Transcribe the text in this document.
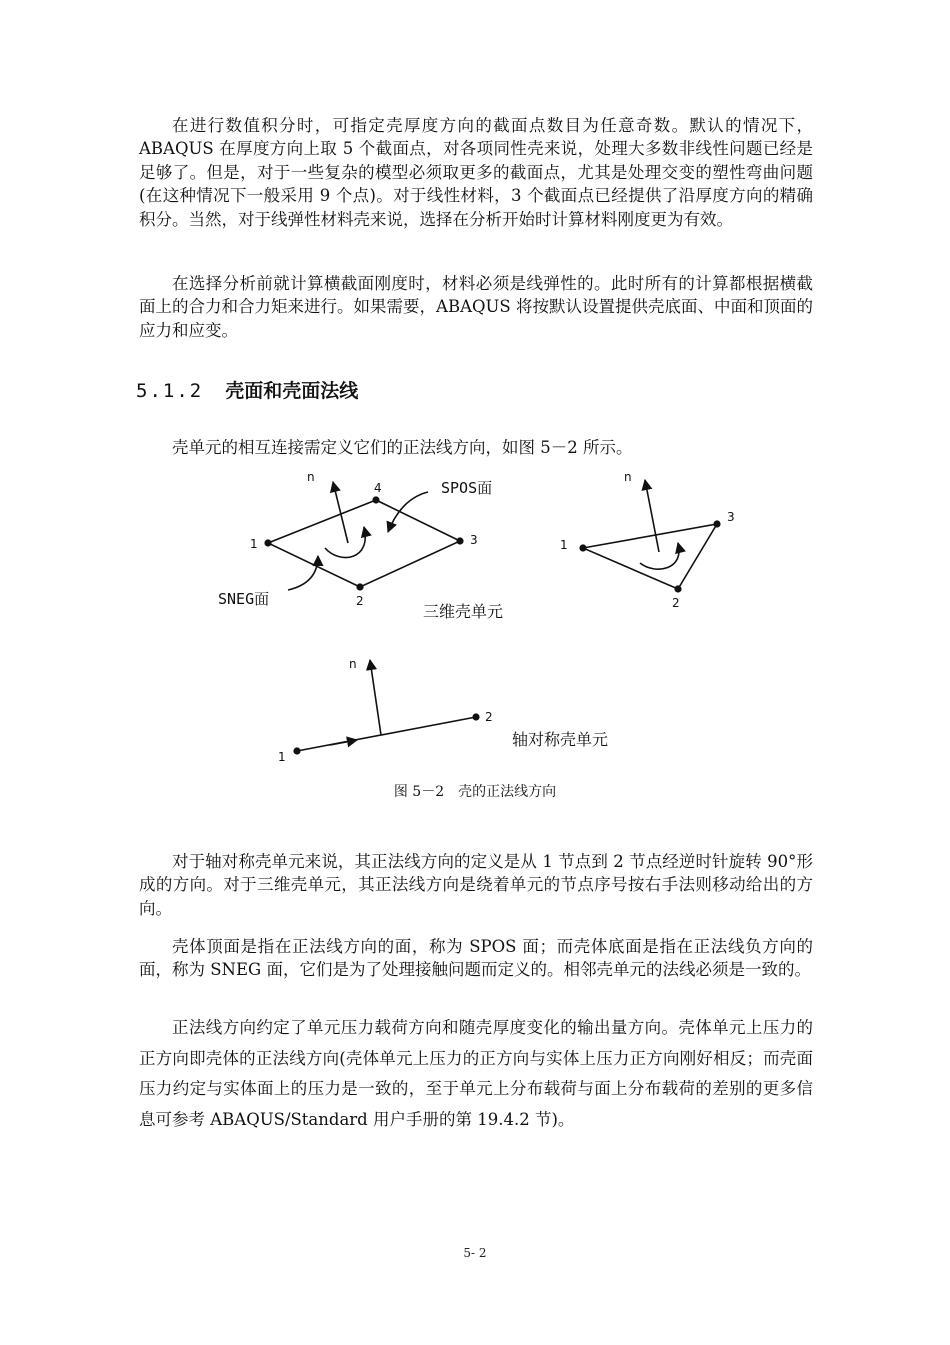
在进行数值积分时，可指定壳厚度方向的截面点数目为任意奇数。默认的情况下，ABAQUS 在厚度方向上取 5 个截面点，对各项同性壳来说，处理大多数非线性问题已经是足够了。但是，对于一些复杂的模型必须取更多的截面点，尤其是处理交变的塑性弯曲问题(在这种情况下一般采用 9 个点)。对于线性材料，3 个截面点已经提供了沿厚度方向的精确积分。当然，对于线弹性材料壳来说，选择在分析开始时计算材料刚度更为有效。

在选择分析前就计算横截面刚度时，材料必须是线弹性的。此时所有的计算都根据横截面上的合力和合力矩来进行。如果需要，ABAQUS 将按默认设置提供壳底面、中面和顶面的应力和应变。

5.1.2 壳面和壳面法线
壳单元的相互连接需定义它们的正法线方向，如图 5－2 所示。
n
4
1	3
2
SPOS面
SNEG面
n
1
3
2
三维壳单元
n
1
2
轴对称壳单元
图 5－2　壳的正法线方向

对于轴对称壳单元来说，其正法线方向的定义是从 1 节点到 2 节点经逆时针旋转 90°形成的方向。对于三维壳单元，其正法线方向是绕着单元的节点序号按右手法则移动给出的方向。

壳体顶面是指在正法线方向的面，称为 SPOS 面；而壳体底面是指在正法线负方向的面，称为 SNEG 面，它们是为了处理接触问题而定义的。相邻壳单元的法线必须是一致的。

正法线方向约定了单元压力载荷方向和随壳厚度变化的输出量方向。壳体单元上压力的正方向即壳体的正法线方向(壳体单元上压力的正方向与实体上压力正方向刚好相反；而壳面压力约定与实体面上的压力是一致的，至于单元上分布载荷与面上分布载荷的差别的更多信息可参考 ABAQUS/Standard 用户手册的第 19.4.2 节)。

5- 2
